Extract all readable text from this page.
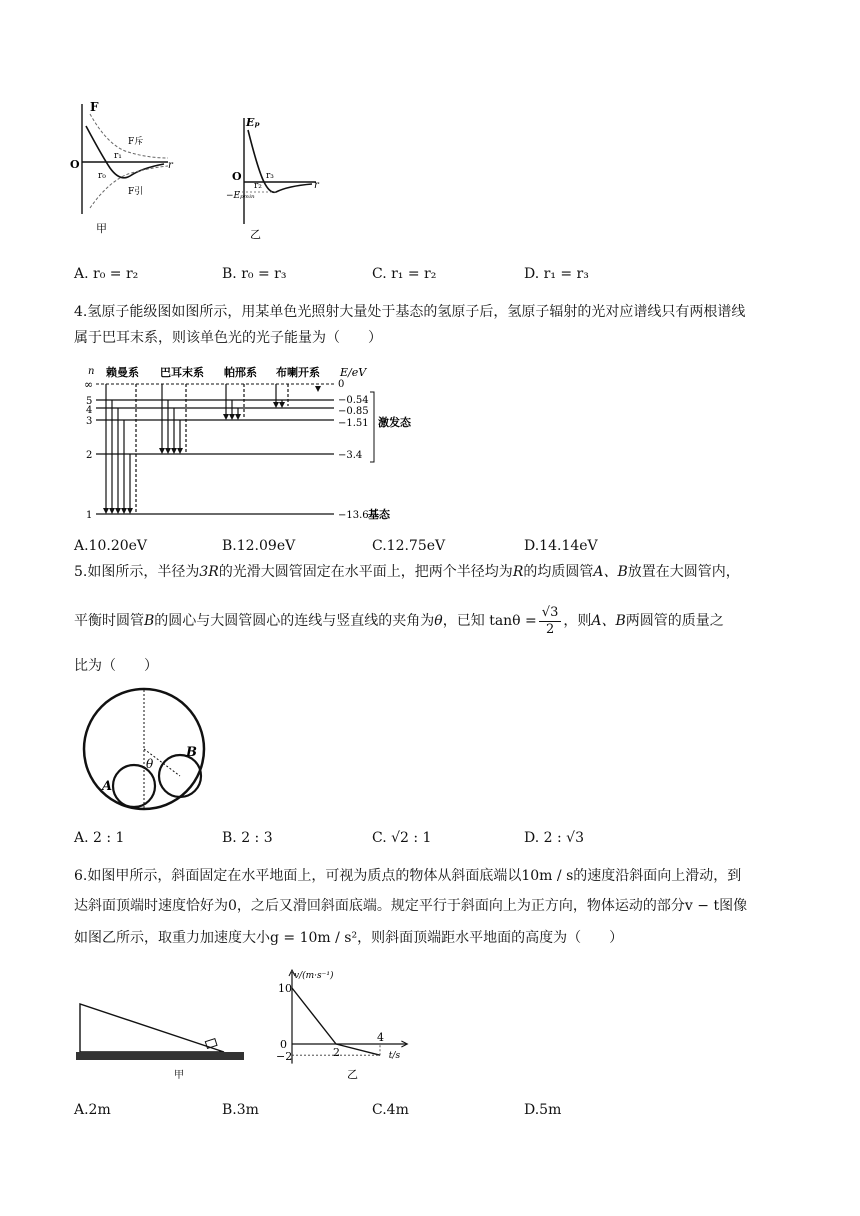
F
O	r
F斥
F引
r₁
r₀
甲
Eₚ
O
r
r₃
r₂
−Eₚₘᵢₙ
乙
A. r₀ = r₂	B. r₀ = r₃	C. r₁ = r₂	D. r₁ = r₃
4.氢原子能级图如图所示，用某单色光照射大量处于基态的氢原子后，氢原子辐射的光对应谱线只有两根谱线
属于巴耳末系，则该单色光的光子能量为（　　）
n 赖曼系 巴耳末系 帕邢系 布喇开系 E/eV
∞
5
4
3
2
1
0
−0.54
−0.85
−1.51
−3.4
−13.6
激发态
基态
A.10.20eV	B.12.09eV	C.12.75eV	D.14.14eV
5.如图所示，半径为3R的光滑大圆管固定在水平面上，把两个半径均为R的均质圆管A、B放置在大圆管内，
平衡时圆管B的圆心与大圆管圆心的连线与竖直线的夹角为θ，已知 $\tan\theta = \frac{√3}{2}$ ，则A、B两圆管的质量之
比为（　　）
A
B
θ
A. 2 : 1	B. 2 : 3	C. √2 : 1	D. 2 : √3
6.如图甲所示，斜面固定在水平地面上，可视为质点的物体从斜面底端以10m / s的速度沿斜面向上滑动，到
达斜面顶端时速度恰好为0，之后又滑回斜面底端。规定平行于斜面向上为正方向，物体运动的部分v − t图像
如图乙所示，取重力加速度大小g = 10m / s²，则斜面顶端距水平地面的高度为（　　）
甲
v/(m·s⁻¹)
t/s
10
0
−2	2
4
乙
A.2m	B.3m	C.4m	D.5m
